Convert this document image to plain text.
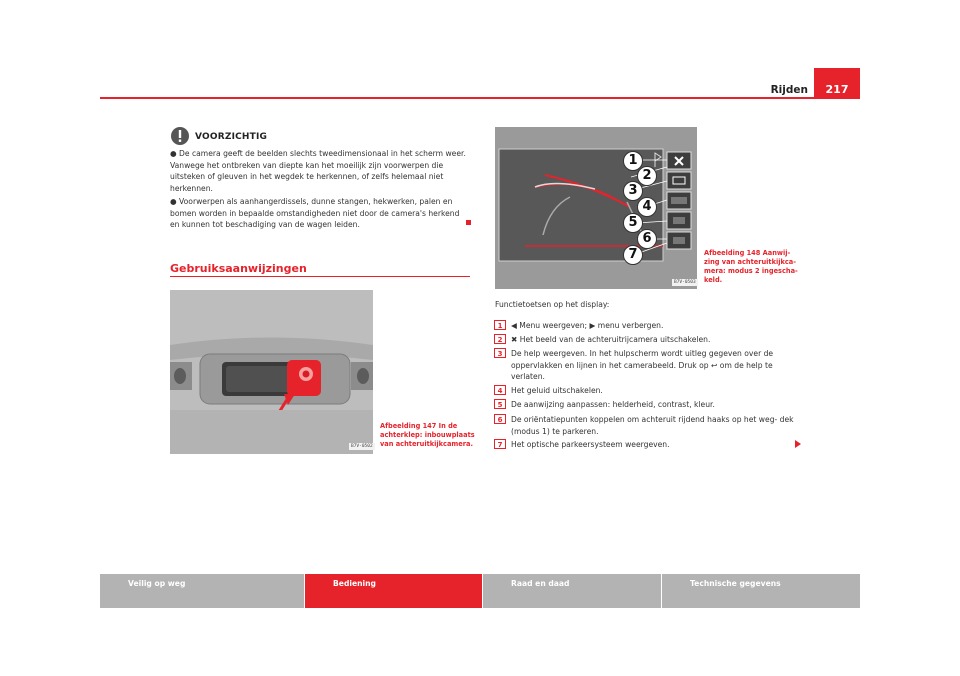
Rijden	217
VOORZICHTIG
● De camera geeft de beelden slechts tweedimensionaal in het scherm weer. Vanwege het ontbreken van diepte kan het moeilijk zijn voorwerpen die uitsteken of gleuven in het wegdek te herkennen, of zelfs helemaal niet herkennen.
● Voorwerpen als aanhangerdissels, dunne stangen, hekwerken, palen en bomen worden in bepaalde omstandigheden niet door de camera's herkend en kunnen tot beschadiging van de wagen leiden.
Gebruiksaanwijzingen
B7V-0502
Afbeelding 147 In de
achterklep: inbouwplaats
van achteruitkijkcamera.
1
2
3
4
5
6
7
B7V-0503
Afbeelding 148 Aanwij-
zing van achteruitkijkca-
mera: modus 2 ingescha-
keld.
Functietoetsen op het display:
1	◀ Menu weergeven; ▶ menu verbergen.
2	✖ Het beeld van de achteruitrijcamera uitschakelen.
3	De help weergeven. In het hulpscherm wordt uitleg gegeven over de oppervlakken en lijnen in het camerabeeld. Druk op ↩ om de help te verlaten.
4	Het geluid uitschakelen.
5	De aanwijzing aanpassen: helderheid, contrast, kleur.
6	De oriëntatiepunten koppelen om achteruit rijdend haaks op het weg- dek (modus 1) te parkeren.
7	Het optische parkeersysteem weergeven.
Veilig op weg	Bediening	Raad en daad	Technische gegevens
